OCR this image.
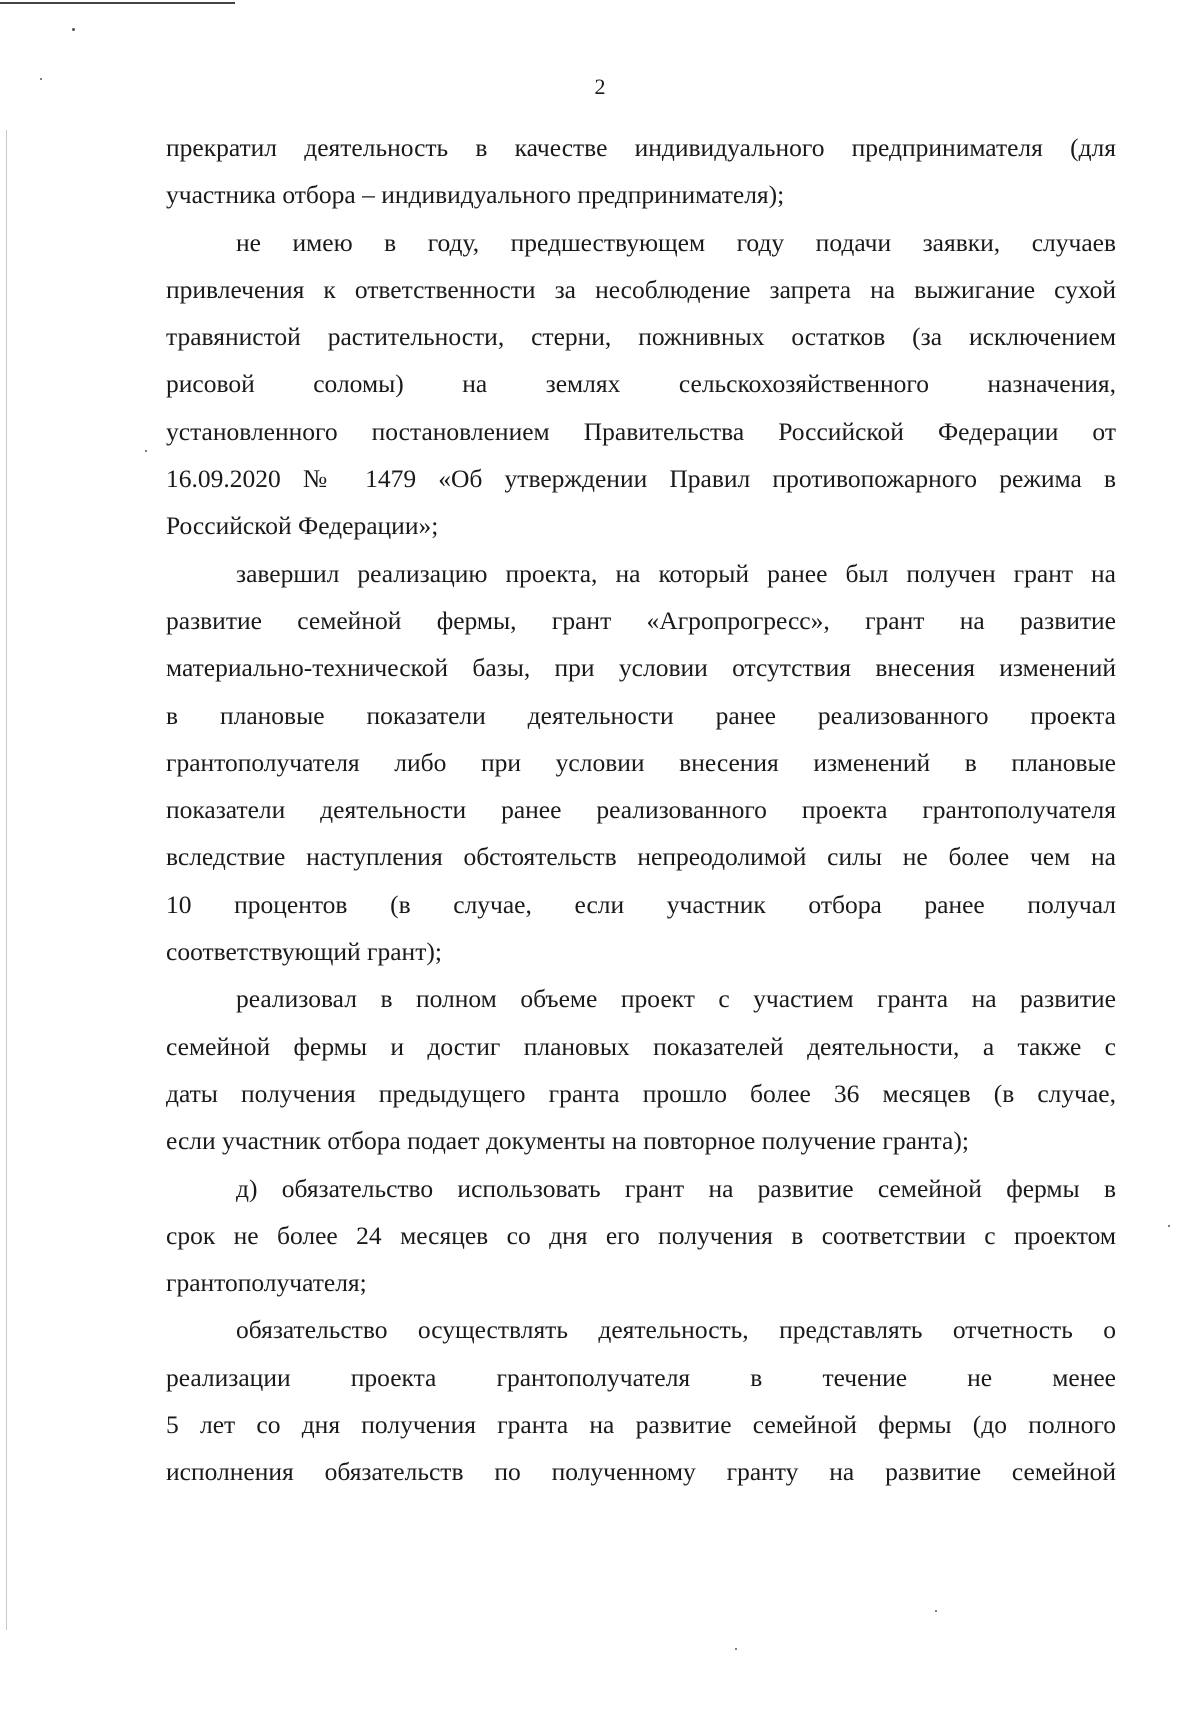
2
прекратил деятельность в качестве индивидуального предпринимателя (для
участника отбора – индивидуального предпринимателя);
не имею в году, предшествующем году подачи заявки, случаев
привлечения к ответственности за несоблюдение запрета на выжигание сухой
травянистой растительности, стерни, пожнивных остатков (за исключением
рисовой соломы) на землях сельскохозяйственного назначения,
установленного постановлением Правительства Российской Федерации от
16.09.2020 № 1479 «Об утверждении Правил противопожарного режима в
Российской Федерации»;
завершил реализацию проекта, на который ранее был получен грант на
развитие семейной фермы, грант «Агропрогресс», грант на развитие
материально-технической базы, при условии отсутствия внесения изменений
в плановые показатели деятельности ранее реализованного проекта
грантополучателя либо при условии внесения изменений в плановые
показатели деятельности ранее реализованного проекта грантополучателя
вследствие наступления обстоятельств непреодолимой силы не более чем на
10 процентов (в случае, если участник отбора ранее получал
соответствующий грант);
реализовал в полном объеме проект с участием гранта на развитие
семейной фермы и достиг плановых показателей деятельности, а также с
даты получения предыдущего гранта прошло более 36 месяцев (в случае,
если участник отбора подает документы на повторное получение гранта);
д) обязательство использовать грант на развитие семейной фермы в
срок не более 24 месяцев со дня его получения в соответствии с проектом
грантополучателя;
обязательство осуществлять деятельность, представлять отчетность о
реализации проекта грантополучателя в течение не менее
5 лет со дня получения гранта на развитие семейной фермы (до полного
исполнения обязательств по полученному гранту на развитие семейной
